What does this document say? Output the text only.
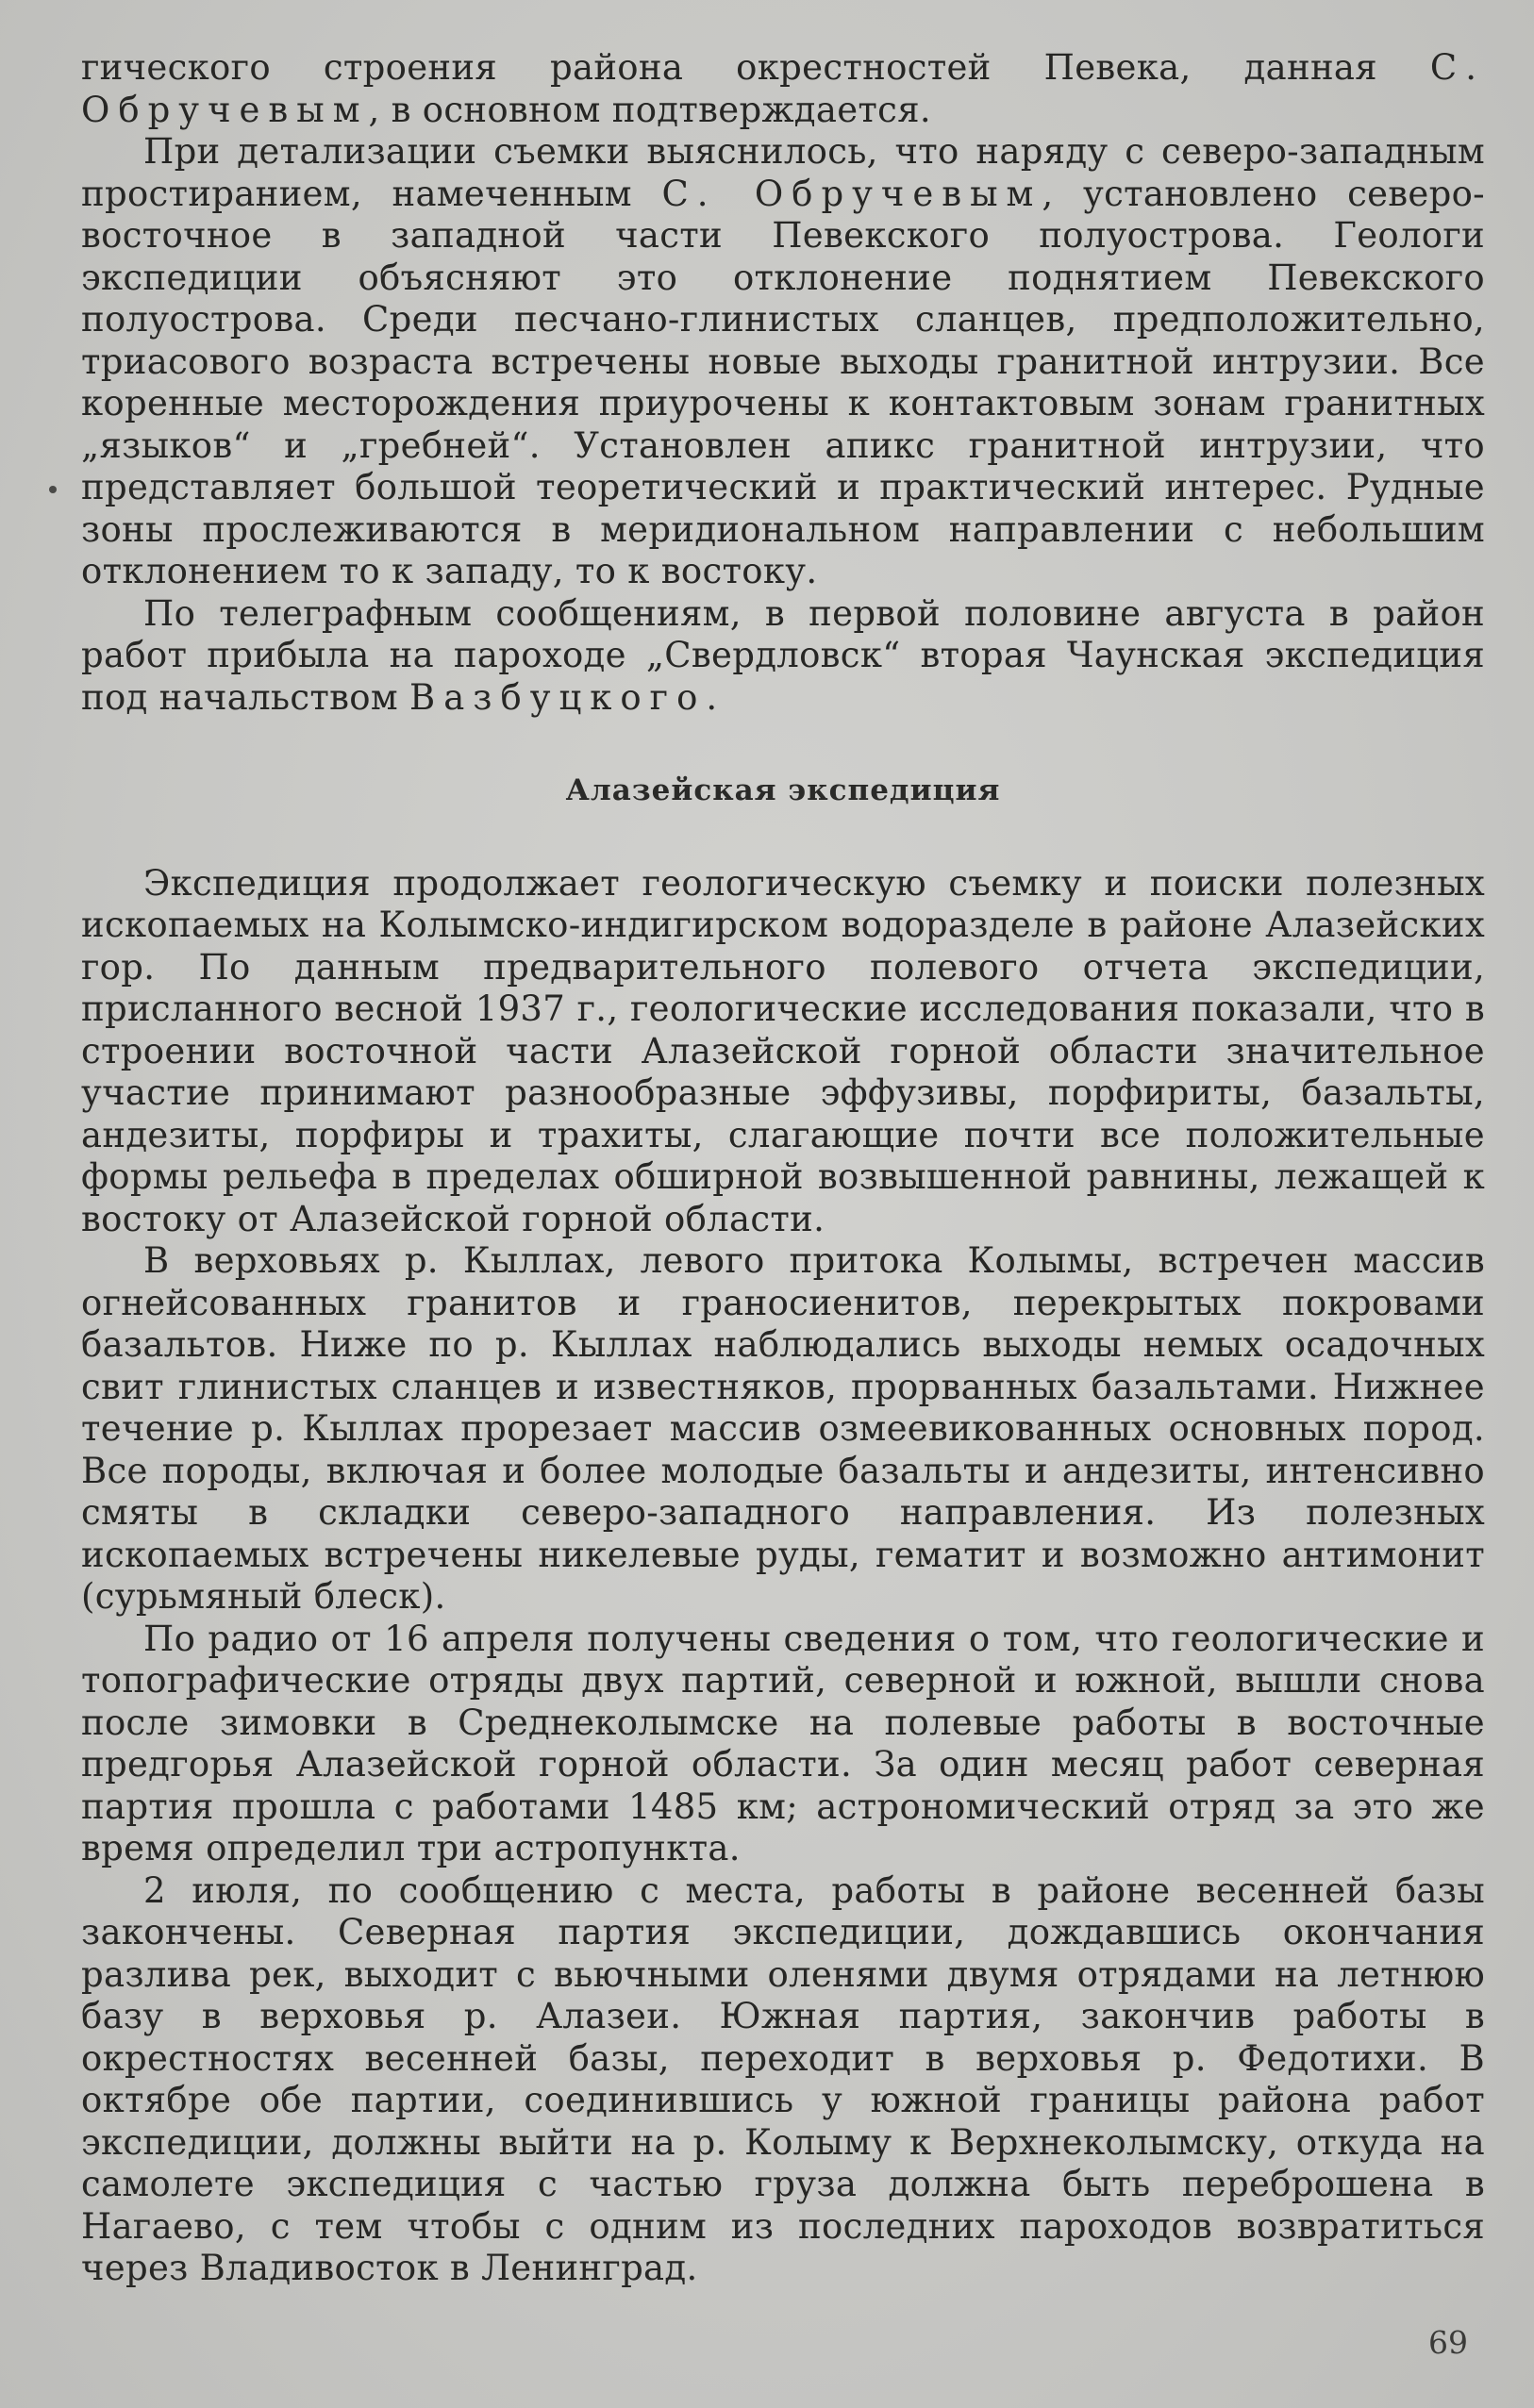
гического строения района окрестностей Певека, данная С. Обручевым, в основном подтверждается.

При детализации съемки выяснилось, что наряду с северо-западным простиранием, намеченным С. Обручевым, установлено северо-восточное в западной части Певекского полуострова. Геологи экспедиции объясняют это отклонение поднятием Певекского полуострова. Среди песчано-глинистых сланцев, предположительно, триасового возраста встречены новые выходы гранитной интрузии. Все коренные месторождения приурочены к контактовым зонам гранитных „языков“ и „гребней“. Установлен апикс гранитной интрузии, что представляет большой теоретический и практический интерес. Рудные зоны прослеживаются в меридиональном направлении с небольшим отклонением то к западу, то к востоку.

По телеграфным сообщениям, в первой половине августа в район работ прибыла на пароходе „Свердловск“ вторая Чаунская экспедиция под начальством Вазбуцкого.

Алазейская экспедиция

Экспедиция продолжает геологическую съемку и поиски полезных ископаемых на Колымско-индигирском водоразделе в районе Алазейских гор. По данным предварительного полевого отчета экспедиции, присланного весной 1937 г., геологические исследования показали, что в строении восточной части Алазейской горной области значительное участие принимают разнообразные эффузивы, порфириты, базальты, андезиты, порфиры и трахиты, слагающие почти все положительные формы рельефа в пределах обширной возвышенной равнины, лежащей к востоку от Алазейской горной области.

В верховьях р. Кыллах, левого притока Колымы, встречен массив огнейсованных гранитов и граносиенитов, перекрытых покровами базальтов. Ниже по р. Кыллах наблюдались выходы немых осадочных свит глинистых сланцев и известняков, прорванных базальтами. Нижнее течение р. Кыллах прорезает массив озмеевикованных основных пород. Все породы, включая и более молодые базальты и андезиты, интенсивно смяты в складки северо-западного направления. Из полезных ископаемых встречены никелевые руды, гематит и возможно антимонит (сурьмяный блеск).

По радио от 16 апреля получены сведения о том, что геологические и топографические отряды двух партий, северной и южной, вышли снова после зимовки в Среднеколымске на полевые работы в восточные предгорья Алазейской горной области. За один месяц работ северная партия прошла с работами 1485 км; астрономический отряд за это же время определил три астропункта.

2 июля, по сообщению с места, работы в районе весенней базы закончены. Северная партия экспедиции, дождавшись окончания разлива рек, выходит с вьючными оленями двумя отрядами на летнюю базу в верховья р. Алазеи. Южная партия, закончив работы в окрестностях весенней базы, переходит в верховья р. Федотихи. В октябре обе партии, соединившись у южной границы района работ экспедиции, должны выйти на р. Колыму к Верхнеколымску, откуда на самолете экспедиция с частью груза должна быть переброшена в Нагаево, с тем чтобы с одним из последних пароходов возвратиться через Владивосток в Ленинград.

69
